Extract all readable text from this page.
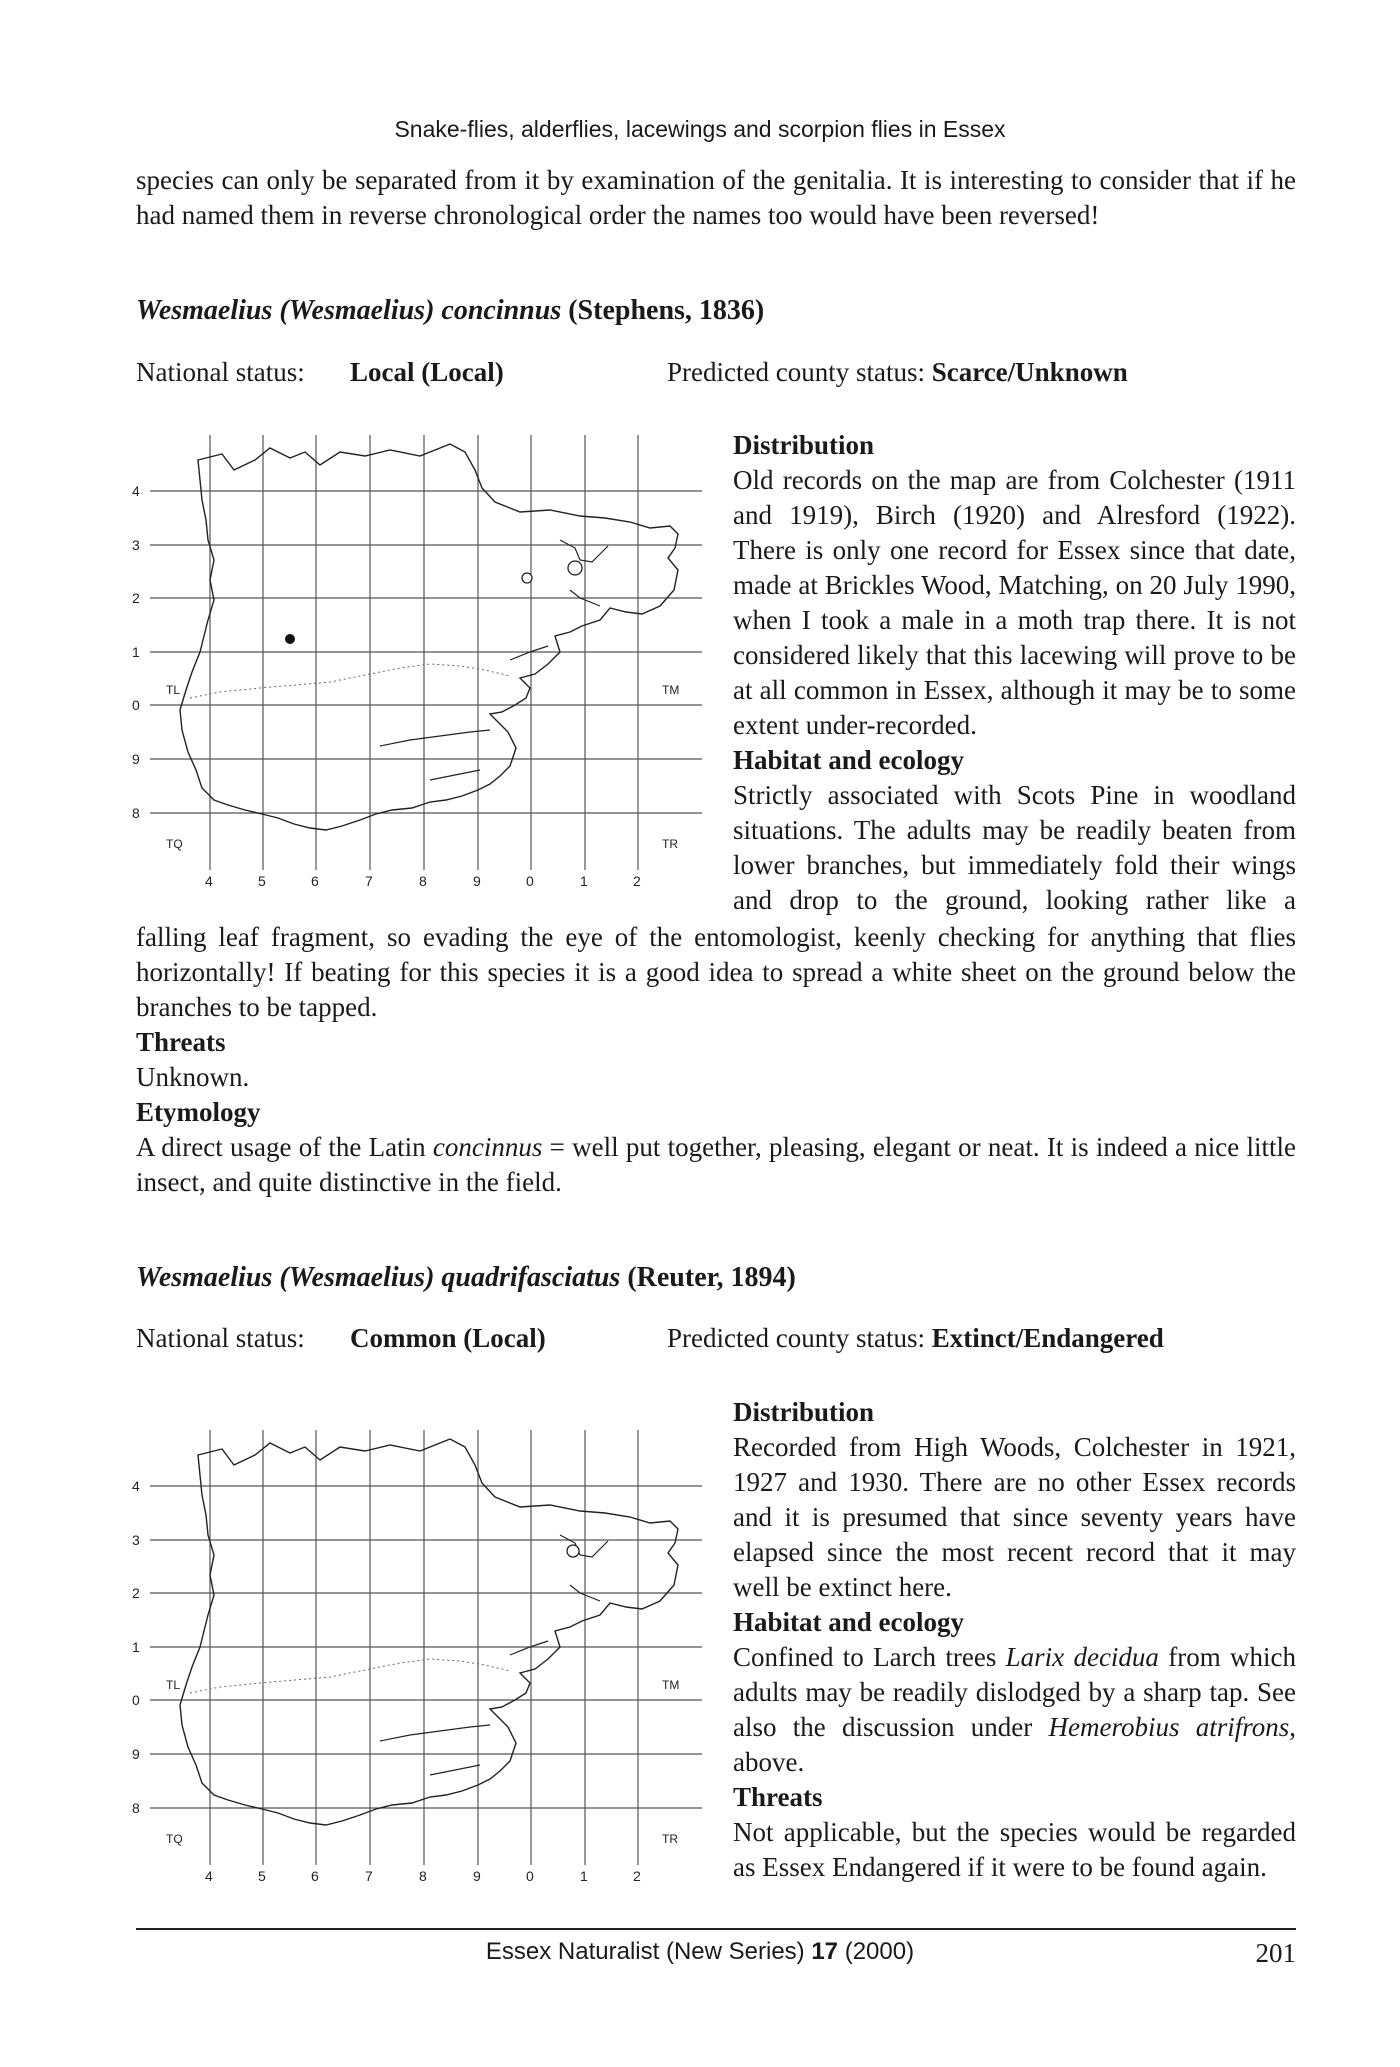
Snake-flies, alderflies, lacewings and scorpion flies in Essex

species can only be separated from it by examination of the genitalia. It is interesting to consider that if he had named them in reverse chronological order the names too would have been reversed!

Wesmaelius (Wesmaelius) concinnus (Stephens, 1836)
National status: Local (Local)	Predicted county status: Scarce/Unknown
4
3
2
1
0
9
8
4	5	6	7	8	9	0	1	2
TL	TM
TQ	TR

Distribution

Old records on the map are from Colchester (1911 and 1919), Birch (1920) and Alresford (1922). There is only one record for Essex since that date, made at Brickles Wood, Matching, on 20 July 1990, when I took a male in a moth trap there. It is not considered likely that this lacewing will prove to be at all common in Essex, although it may be to some extent under-recorded.

Habitat and ecology

Strictly associated with Scots Pine in woodland situations. The adults may be readily beaten from lower branches, but immediately fold their wings and drop to the ground, looking rather like a

falling leaf fragment, so evading the eye of the entomologist, keenly checking for anything that flies horizontally! If beating for this species it is a good idea to spread a white sheet on the ground below the branches to be tapped.

Threats

Unknown.

Etymology

A direct usage of the Latin concinnus = well put together, pleasing, elegant or neat. It is indeed a nice little insect, and quite distinctive in the field.

Wesmaelius (Wesmaelius) quadrifasciatus (Reuter, 1894)
National status: Common (Local)	Predicted county status: Extinct/Endangered
4
3
2
1
0
9
8
4	5	6	7	8	9	0	1	2
TL	TM
TQ	TR

Distribution

Recorded from High Woods, Colchester in 1921, 1927 and 1930. There are no other Essex records and it is presumed that since seventy years have elapsed since the most recent record that it may well be extinct here.

Habitat and ecology

Confined to Larch trees Larix decidua from which adults may be readily dislodged by a sharp tap. See also the discussion under Hemerobius atrifrons, above.

Threats

Not applicable, but the species would be regarded as Essex Endangered if it were to be found again.

Essex Naturalist (New Series) 17 (2000)	201
